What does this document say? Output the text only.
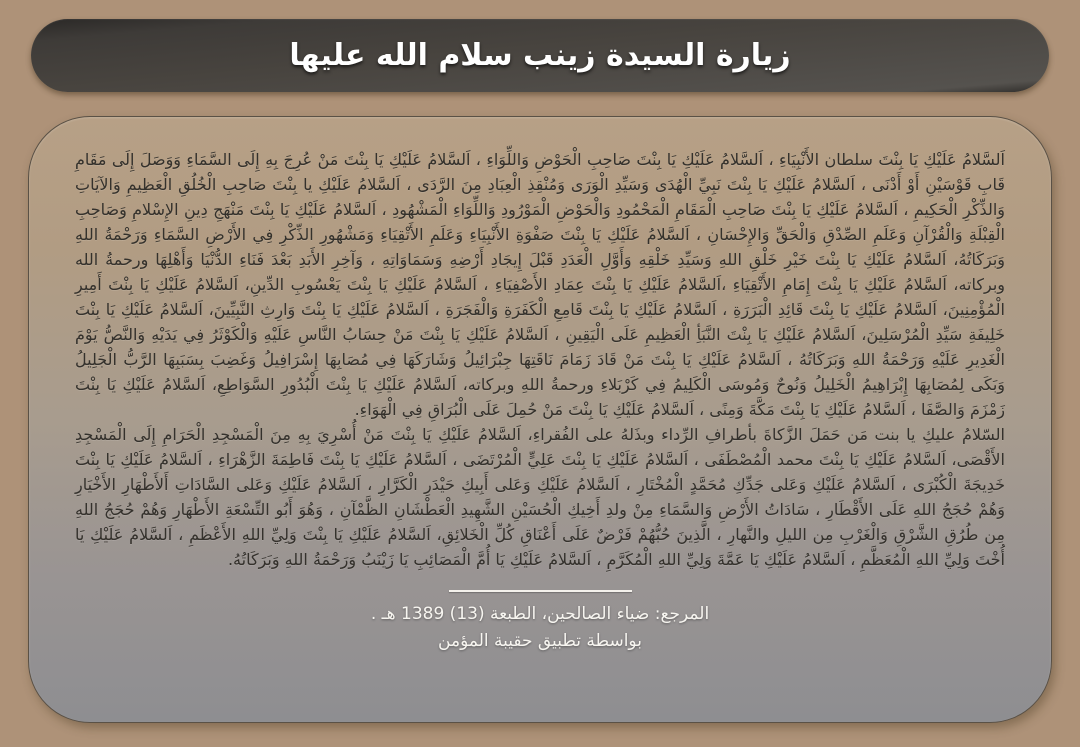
زيارة السيدة زينب سلام الله عليها

اَلسَّلامُ عَلَيْكِ يَا بِنْتَ سلطان الأَنْبِيَاءِ ، اَلسَّلامُ عَلَيْكِ يَا بِنْتَ صَاحِبِ الْحَوْضِ وَاللِّوَاءِ ، اَلسَّلامُ عَلَيْكِ يَا بِنْتَ مَنْ عُرِجَ بِهِ إِلَى السَّمَاءِ وَوَصَلَ إِلَى مَقَامِ قَابِ قَوْسَيْنِ أَوْ أَدْنَى ، اَلسَّلامُ عَلَيْكِ يَا بِنْتَ نَبِيِّ الْهُدَى وَسَيِّدِ الْوَرَى وَمُنْقِذِ الْعِبَادِ مِنَ الرَّدَى ، اَلسَّلامُ عَلَيْكِ يا بِنْتَ صَاحِبِ الْخُلُقِ الْعَظِيمِ وَالآيَاتِ وَالذِّكْرِ الْحَكِيمِ ، اَلسَّلامُ عَلَيْكِ يَا بِنْتَ صَاحِبِ الْمَقَامِ الْمَحْمُودِ وَالْحَوْضِ الْمَوْرُودِ وَاللِّوَاءِ الْمَشْهُودِ ، اَلسَّلامُ عَلَيْكِ يَا بِنْتَ مَنْهَجِ دِينِ الإِسْلامِ وَصَاحِبِ الْقِبْلَةِ وَالْقُرْآنِ وَعَلَمِ الصِّدْقِ وَالْحَقِّ وَالإِحْسَانِ ، اَلسَّلامُ عَلَيْكِ يَا بِنْتَ صَفْوَةِ الأَنْبِيَاءِ وَعَلَمِ الأَتْقِيَاءِ وَمَشْهُورِ الذِّكْرِ فِي الأَرْضِ السَّمَاءِ وَرَحْمَةُ اللهِ وَبَرَكَاتُهُ، اَلسَّلامُ عَلَيْكِ يَا بِنْتَ خَيْرِ خَلْقِ اللهِ وَسَيِّدِ خَلْقِهِ وَأَوَّلِ الْعَدَدِ قَبْلَ إِيجَادِ أَرْضِهِ وَسَمَاوَاتِهِ ، وَآخِرِ الأَبَدِ بَعْدَ فَنَاءِ الدُّنْيَا وَأَهْلِهَا ورحمةُ الله وبركاته، اَلسَّلامُ عَلَيْكِ يَا بِنْتَ إِمَامِ الأَتْقِيَاءِ ،اَلسَّلامُ عَلَيْكِ يَا بِنْتَ عِمَادِ الأَصْفِيَاءِ ، اَلسَّلامُ عَلَيْكِ يَا بِنْتَ يَعْسُوبِ الدِّينِ، اَلسَّلامُ عَلَيْكِ يَا بِنْتَ أَمِيرِ الْمُؤْمِنِينَ، اَلسَّلامُ عَلَيْكِ يَا بِنْتَ قَائِدِ الْبَرَرَةِ ، اَلسَّلامُ عَلَيْكِ يَا بِنْتَ قَامِعِ الْكَفَرَةِ وَالْفَجَرَةِ ، اَلسَّلامُ عَلَيْكِ يَا بِنْتَ وَارِثِ النَّبِيِّينَ، اَلسَّلامُ عَلَيْكِ يَا بِنْتَ خَلِيفَةِ سَيِّدِ الْمُرْسَلِينَ، اَلسَّلامُ عَلَيْكِ يَا بِنْتَ النَّبَأِ الْعَظِيمِ عَلَى الْيَقِينِ ، اَلسَّلامُ عَلَيْكِ يَا بِنْتَ مَنْ حِسَابُ النَّاسِ عَلَيْهِ وَالْكَوْثَرُ فِي يَدَيْهِ وَالنَّصُّ يَوْمَ الْغَدِيرِ عَلَيْهِ وَرَحْمَةُ اللهِ وَبَرَكَاتُهُ ، اَلسَّلامُ عَلَيْكِ يَا بِنْتَ مَنْ قَادَ زَمَامَ نَاقَتِهَا جِبْرَائِيلُ وَشَارَكَهَا فِي مُصَابِهَا إِسْرَافِيلُ وَغَضِبَ بِسَبَبِهَا الرَّبُّ الْجَلِيلُ وَبَكَى لِمُصَابِهَا إِبْرَاهِيمُ الْخَلِيلُ وَنُوحٌ وَمُوسَى الْكَلِيمُ فِي كَرْبَلاءِ ورحمةُ اللهِ وبركاته، اَلسَّلامُ عَلَيْكِ يَا بِنْتَ الْبُدُورِ السَّوَاطِعِ، اَلسَّلامُ عَلَيْكِ يَا بِنْتَ زَمْزَمَ وَالصَّفَا ، اَلسَّلامُ عَلَيْكِ يَا بِنْتَ مَكَّةَ وَمِنًى ، اَلسَّلامُ عَلَيْكِ يَا بِنْتَ مَنْ حُمِلَ عَلَى الْبُرَاقِ فِي الْهَوَاءِ.

السّلامُ عليكِ يا بنت مَن حَمَلَ الزَّكاةَ بأطرافِ الرِّداء وبذَلهُ على الفُقراءِ، اَلسَّلامُ عَلَيْكِ يَا بِنْتَ مَنْ أُسْرِيَ بِهِ مِنَ الْمَسْجِدِ الْحَرَامِ إِلَى الْمَسْجِدِ الأَقْصَى، اَلسَّلامُ عَلَيْكِ يَا بِنْتَ محمد الْمُصْطَفَى ، اَلسَّلامُ عَلَيْكِ يَا بِنْتَ عَلِيٍّ الْمُرْتَضَى ، اَلسَّلامُ عَلَيْكِ يَا بِنْتَ فَاطِمَةَ الزَّهْرَاءِ ، اَلسَّلامُ عَلَيْكِ يَا بِنْتَ خَدِيجَةَ الْكُبْرَى ، اَلسَّلامُ عَلَيْكِ وَعَلى جَدِّكِ مُحَمَّدٍ الْمُخْتَارِ ، اَلسَّلامُ عَلَيْكِ وَعَلى أَبِيكِ حَيْدَرِ الْكَرَّارِ ، اَلسَّلامُ عَلَيْكِ وَعَلى السَّادَاتِ أَلأَطْهَارِ الأَخْيَارِ وَهُمْ حُجَجُ اللهِ عَلَى الأَقْطَارِ ، سَادَاتُ الأَرْضِ وَالسَّمَاءِ مِنْ ولدِ أَخِيكِ الْحُسَيْنِ الشَّهِيدِ الْعَطْشَانِ الظَّمْآنِ ، وَهُوَ أَبُو التِّسْعَةِ الأَطْهَارِ وَهُمْ حُجَجُ اللهِ مِن طُرُقِ الشَّرْقِ وَالْغَرْبِ مِن الليلِ والنَّهارِ ، الَّذِينَ حُبُّهُمْ فَرْضٌ عَلَى أَعْنَاقِ كُلِّ الْخَلائِقِ، اَلسَّلامُ عَلَيْكِ يَا بِنْتَ وَلِيِّ اللهِ الأَعْظَمِ ، اَلسَّلامُ عَلَيْكِ يَا أُخْتَ وَلِيِّ اللهِ الْمُعَظَّمِ ، اَلسَّلامُ عَلَيْكِ يَا عَمَّةَ وَلِيِّ اللهِ الْمُكَرَّمِ ، اَلسَّلامُ عَلَيْكِ يَا أُمَّ الْمَصَائِبِ يَا زَيْنَبُ وَرَحْمَةُ اللهِ وَبَرَكَاتُهُ.

المرجع: ضياء الصالحين، الطبعة (13) 1389 هـ .
بواسطة تطبيق حقيبة المؤمن
